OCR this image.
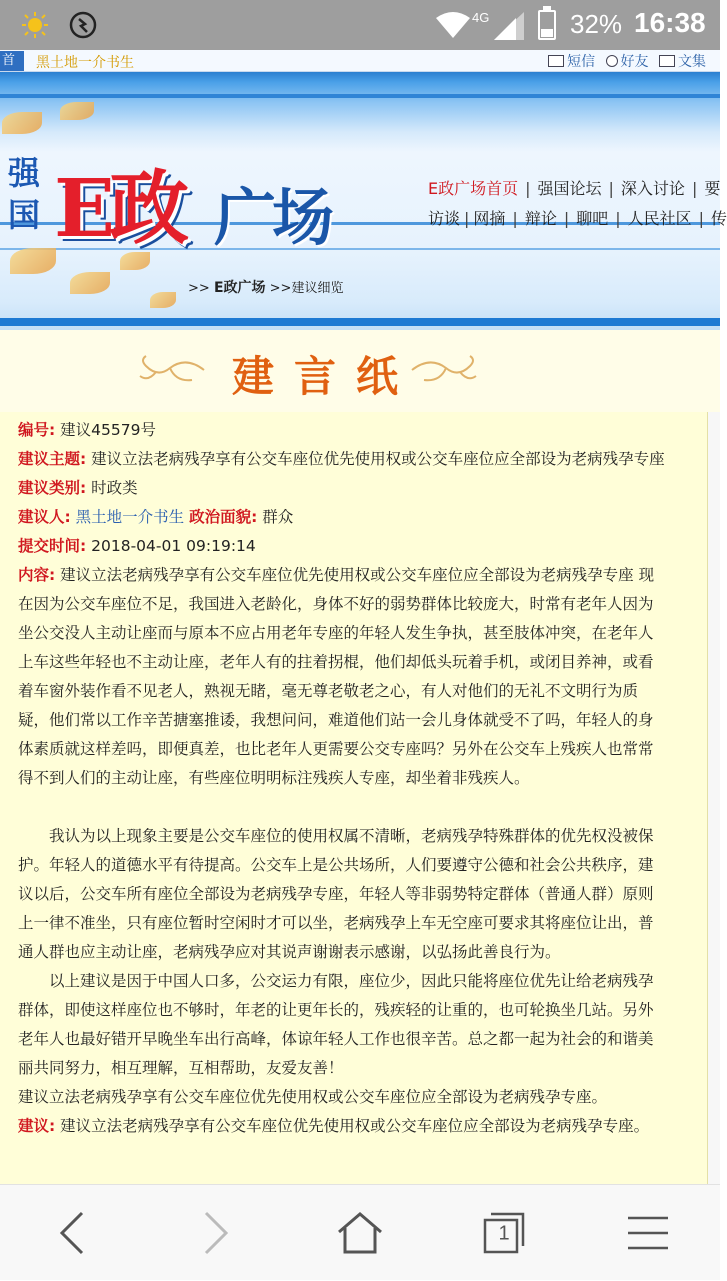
4G	32% 16:38
首	黑土地一介书生	短信 好友 文集
强
国 E政 广场	E政广场首页 | 强国论坛 | 深入讨论 | 要
访谈 | 网摘 | 辩论 | 聊吧 | 人民社区 | 传
>> E政广场 >>建议细览
建言纸
编号: 建议45579号
建议主题: 建议立法老病残孕享有公交车座位优先使用权或公交车座位应全部设为老病残孕专座
建议类别: 时政类
建议人: 黑土地一介书生 政治面貌: 群众
提交时间: 2018-04-01 09:19:14
内容: 建议立法老病残孕享有公交车座位优先使用权或公交车座位应全部设为老病残孕专座 现在因为公交车座位不足，我国进入老龄化，身体不好的弱势群体比较庞大，时常有老年人因为坐公交没人主动让座而与原本不应占用老年专座的年轻人发生争执，甚至肢体冲突，在老年人上车这些年轻也不主动让座，老年人有的拄着拐棍，他们却低头玩着手机，或闭目养神，或看着车窗外装作看不见老人，熟视无睹，毫无尊老敬老之心，有人对他们的无礼不文明行为质疑，他们常以工作辛苦搪塞推诿，我想问问，难道他们站一会儿身体就受不了吗，年轻人的身体素质就这样差吗，即便真差，也比老年人更需要公交专座吗？另外在公交车上残疾人也常常得不到人们的主动让座，有些座位明明标注残疾人专座，却坐着非残疾人。
　　我认为以上现象主要是公交车座位的使用权属不清晰，老病残孕特殊群体的优先权没被保护。年轻人的道德水平有待提高。公交车上是公共场所，人们要遵守公德和社会公共秩序，建议以后，公交车所有座位全部设为老病残孕专座，年轻人等非弱势特定群体（普通人群）原则上一律不准坐，只有座位暂时空闲时才可以坐，老病残孕上车无空座可要求其将座位让出，普通人群也应主动让座，老病残孕应对其说声谢谢表示感谢，以弘扬此善良行为。
　　以上建议是因于中国人口多，公交运力有限，座位少，因此只能将座位优先让给老病残孕群体，即使这样座位也不够时，年老的让更年长的，残疾轻的让重的，也可轮换坐几站。另外老年人也最好错开早晚坐车出行高峰，体谅年轻人工作也很辛苦。总之都一起为社会的和谐美丽共同努力，相互理解，互相帮助，友爱友善！
建议立法老病残孕享有公交车座位优先使用权或公交车座位应全部设为老病残孕专座。
建议: 建议立法老病残孕享有公交车座位优先使用权或公交车座位应全部设为老病残孕专座。
1
